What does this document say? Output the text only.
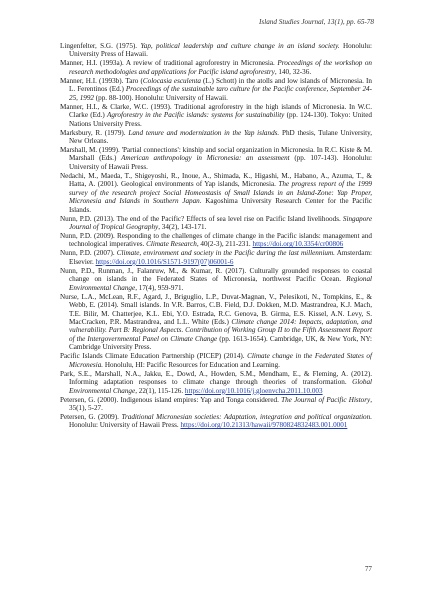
Island Studies Journal, 13(1), pp. 65-78
Lingenfelter, S.G. (1975). Yap, political leadership and culture change in an island society. Honolulu: University Press of Hawaii.
Manner, H.I. (1993a). A review of traditional agroforestry in Micronesia. Proceedings of the workshop on research methodologies and applications for Pacific island agroforestry, 140, 32-36.
Manner, H.I. (1993b). Taro (Colocasia esculenta (L.) Schott) in the atolls and low islands of Micronesia. In L. Ferentinos (Ed.) Proceedings of the sustainable taro culture for the Pacific conference, September 24-25, 1992 (pp. 88-100). Honolulu: University of Hawaii.
Manner, H.I., & Clarke, W.C. (1993). Traditional agroforestry in the high islands of Micronesia. In W.C. Clarke (Ed.) Agroforestry in the Pacific islands: systems for sustainability (pp. 124-130). Tokyo: United Nations University Press.
Marksbury, R. (1979). Land tenure and modernization in the Yap islands. PhD thesis, Tulane University, New Orleans.
Marshall, M. (1999). 'Partial connections': kinship and social organization in Micronesia. In R.C. Kiste & M. Marshall (Eds.) American anthropology in Micronesia: an assessment (pp. 107-143). Honolulu: University of Hawaii Press.
Nedachi, M., Maeda, T., Shigeyoshi, R., Inoue, A., Shimada, K., Higashi, M., Habano, A., Azuma, T., & Hatta, A. (2001). Geological environments of Yap islands, Micronesia. The progress report of the 1999 survey of the research project Social Homeostasis of Small Islands in an Island-Zone: Yap Proper, Micronesia and Islands in Southern Japan. Kagoshima University Research Center for the Pacific Islands.
Nunn, P.D. (2013). The end of the Pacific? Effects of sea level rise on Pacific Island livelihoods. Singapore Journal of Tropical Geography, 34(2), 143-171.
Nunn, P.D. (2009). Responding to the challenges of climate change in the Pacific islands: management and technological imperatives. Climate Research, 40(2-3), 211-231. https://doi.org/10.3354/cr00806
Nunn, P.D. (2007). Climate, environment and society in the Pacific during the last millennium. Amsterdam: Elsevier. https://doi.org/10.1016/S1571-9197(07)06001-6
Nunn, P.D., Runman, J., Falanruw, M., & Kumar, R. (2017). Culturally grounded responses to coastal change on islands in the Federated States of Micronesia, northwest Pacific Ocean. Regional Environmental Change, 17(4), 959-971.
Nurse, L.A., McLean, R.F., Agard, J., Briguglio, L.P., Duvat-Magnan, V., Pelesikoti, N., Tompkins, E., & Webb, E. (2014). Small islands. In V.R. Barros, C.B. Field, D.J. Dokken, M.D. Mastrandrea, K.J. Mach, T.E. Bilir, M. Chatterjee, K.L. Ebi, Y.O. Estrada, R.C. Genova, B. Girma, E.S. Kissel, A.N. Levy, S. MacCracken, P.R. Mastrandrea, and L.L. White (Eds.) Climate change 2014: Impacts, adaptation, and vulnerability. Part B: Regional Aspects. Contribution of Working Group II to the Fifth Assessment Report of the Intergovernmental Panel on Climate Change (pp. 1613-1654). Cambridge, UK, & New York, NY: Cambridge University Press.
Pacific Islands Climate Education Partnership (PICEP) (2014). Climate change in the Federated States of Micronesia. Honolulu, HI: Pacific Resources for Education and Learning.
Park, S.E., Marshall, N.A., Jakku, E., Dowd, A., Howden, S.M., Mendham, E., & Fleming, A. (2012). Informing adaptation responses to climate change through theories of transformation. Global Environmental Change, 22(1), 115-126. https://doi.org/10.1016/j.gloenvcha.2011.10.003
Petersen, G. (2000). Indigenous island empires: Yap and Tonga considered. The Journal of Pacific History, 35(1), 5-27.
Petersen, G. (2009). Traditional Micronesian societies: Adaptation, integration and political organization. Honolulu: University of Hawaii Press. https://doi.org/10.21313/hawaii/9780824832483.001.0001
77
